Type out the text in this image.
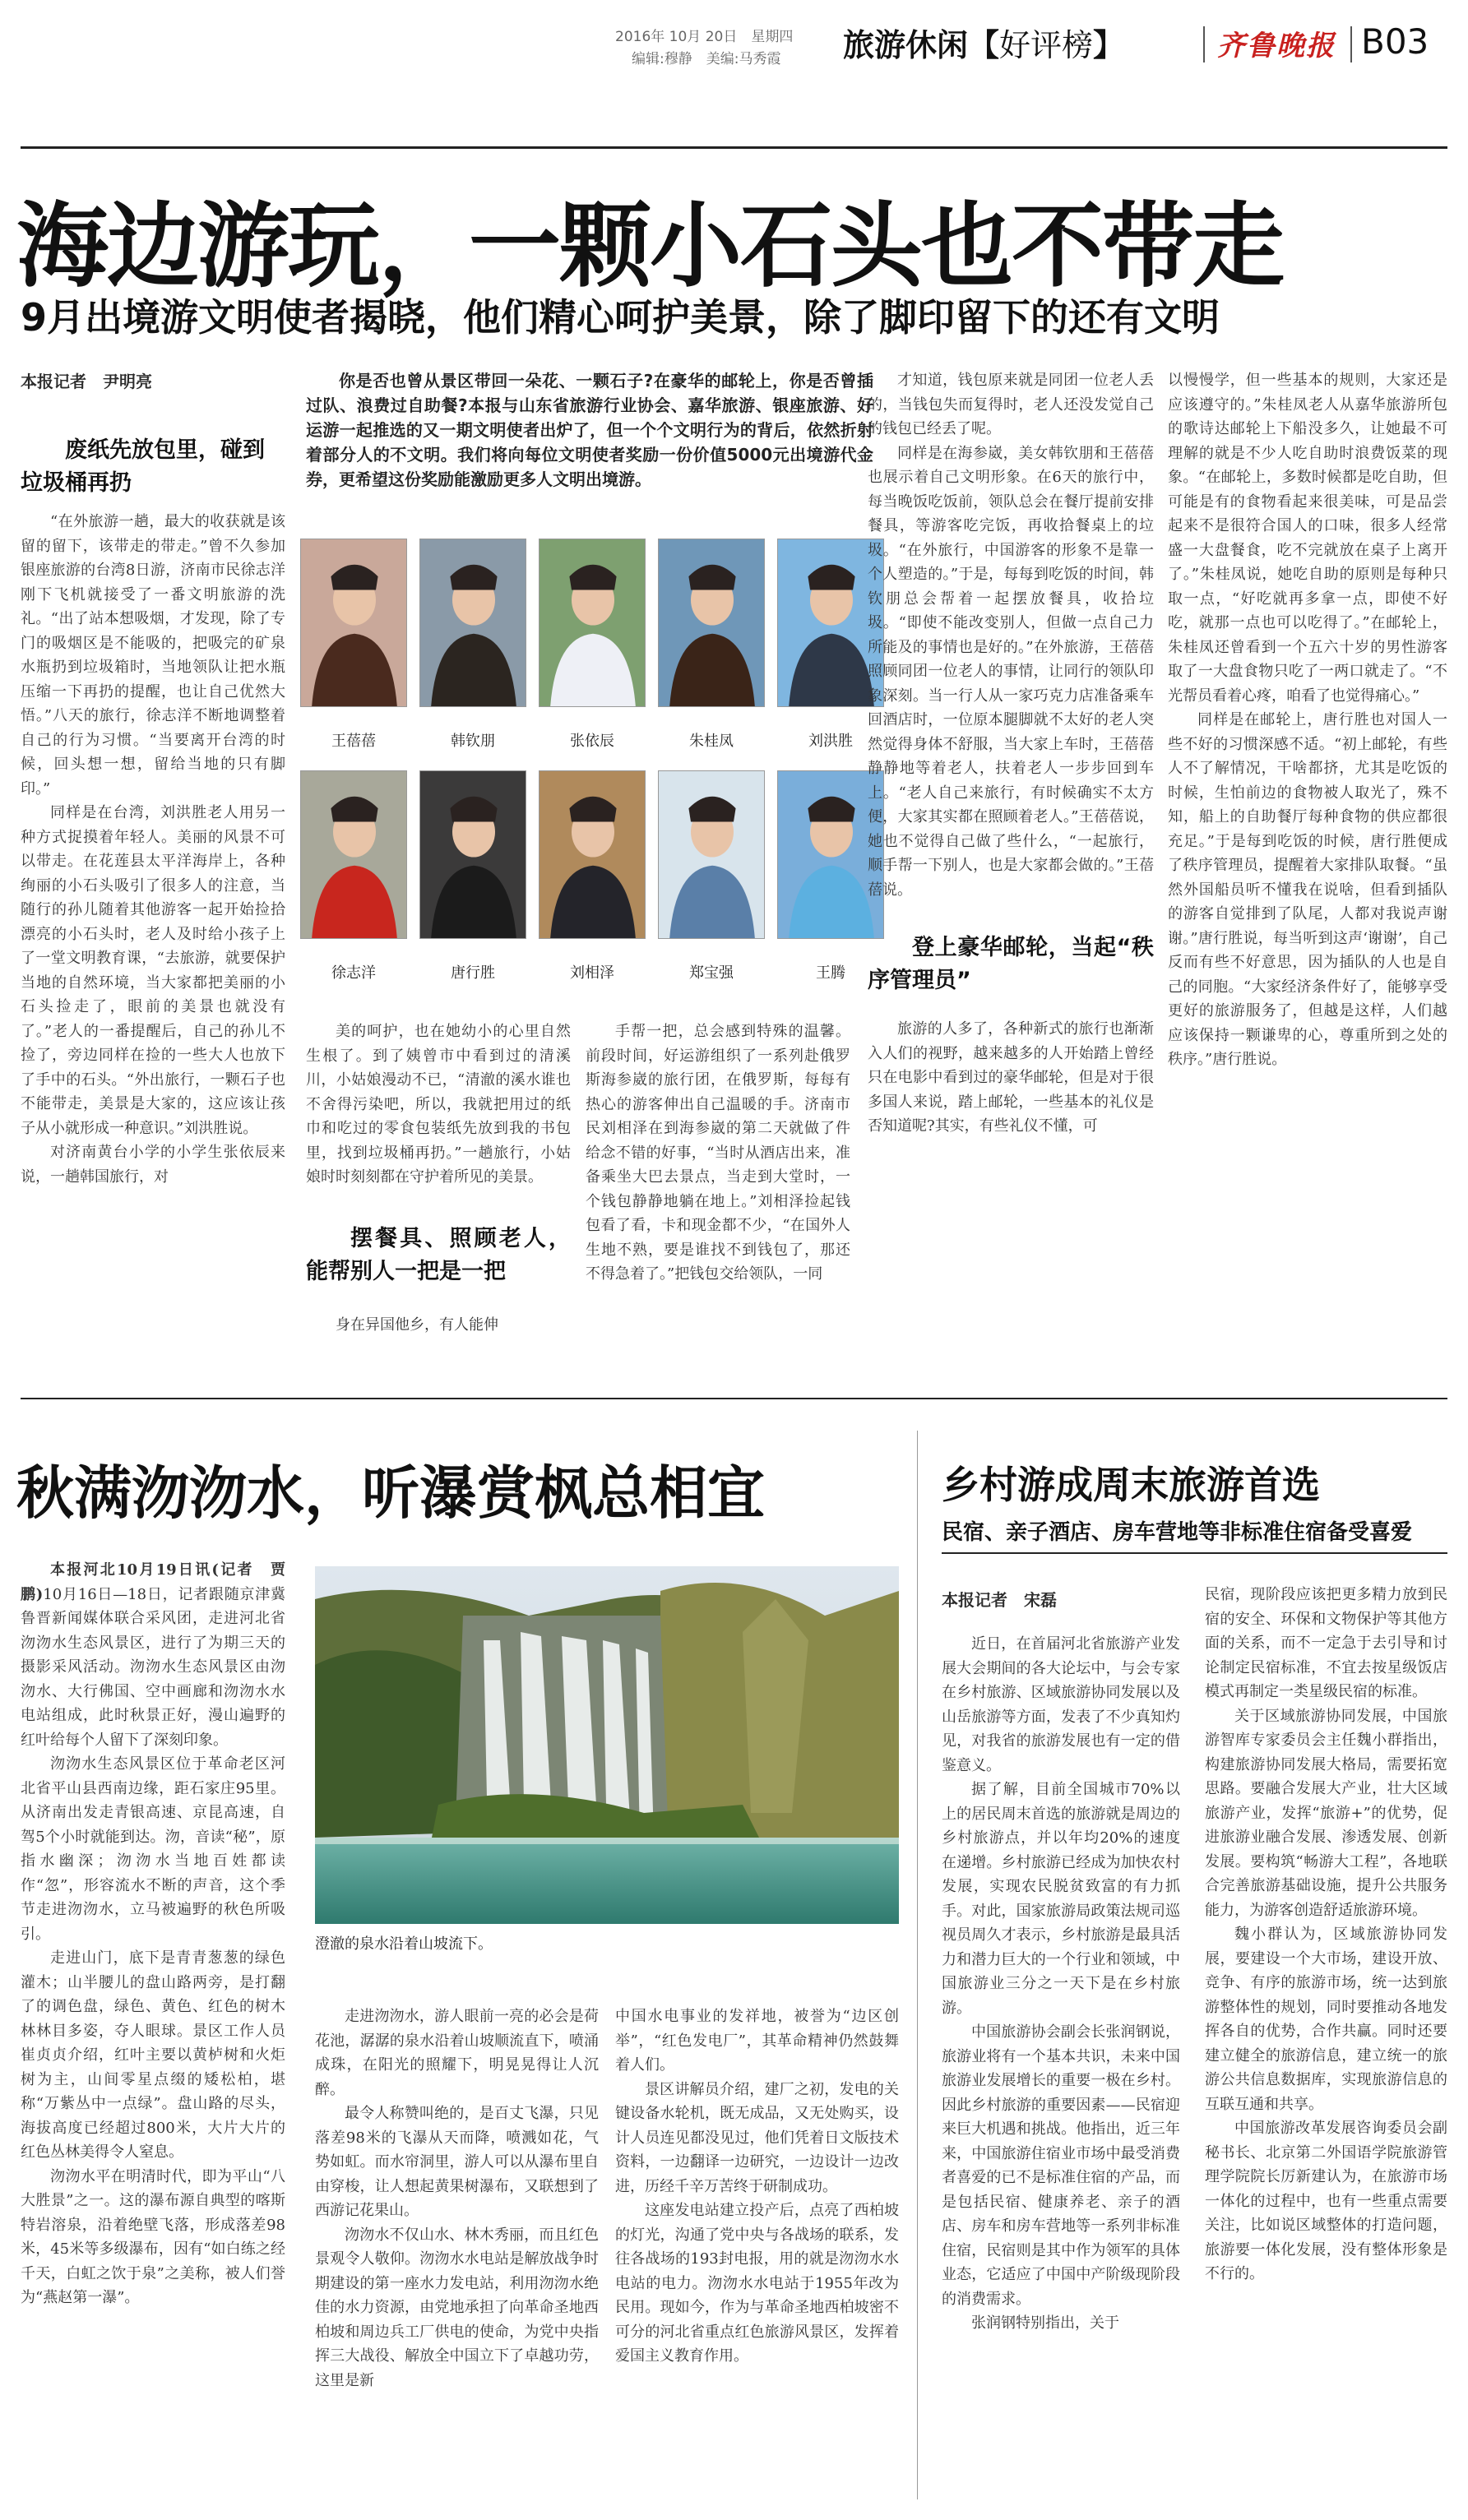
2016年 10月 20日　星期四
编辑:穆静　美编:马秀霞 旅游休闲【好评榜】	齐鲁晚报 B03
海边游玩，一颗小石头也不带走
9月出境游文明使者揭晓，他们精心呵护美景，除了脚印留下的还有文明
本报记者　尹明亮
废纸先放包里，碰到垃圾桶再扔

“在外旅游一趟，最大的收获就是该留的留下，该带走的带走。”曾不久参加银座旅游的台湾8日游，济南市民徐志洋刚下飞机就接受了一番文明旅游的洗礼。“出了站本想吸烟，才发现，除了专门的吸烟区是不能吸的，把吸完的矿泉水瓶扔到垃圾箱时，当地领队让把水瓶压缩一下再扔的提醒，也让自己优然大悟。”八天的旅行，徐志洋不断地调整着自己的行为习惯。“当要离开台湾的时候，回头想一想，留给当地的只有脚印。”

同样是在台湾，刘洪胜老人用另一种方式捉摸着年轻人。美丽的风景不可以带走。在花莲县太平洋海岸上，各种绚丽的小石头吸引了很多人的注意，当随行的孙儿随着其他游客一起开始捡拾漂亮的小石头时，老人及时给小孩子上了一堂文明教育课，“去旅游，就要保护当地的自然环境，当大家都把美丽的小石头捡走了，眼前的美景也就没有了。”老人的一番提醒后，自己的孙儿不捡了，旁边同样在捡的一些大人也放下了手中的石头。“外出旅行，一颗石子也不能带走，美景是大家的，这应该让孩子从小就形成一种意识。”刘洪胜说。

对济南黄台小学的小学生张依辰来说，一趟韩国旅行，对

你是否也曾从景区带回一朵花、一颗石子?在豪华的邮轮上，你是否曾插过队、浪费过自助餐?本报与山东省旅游行业协会、嘉华旅游、银座旅游、好运游一起推选的又一期文明使者出炉了，但一个个文明行为的背后，依然折射着部分人的不文明。我们将向每位文明使者奖励一份价值5000元出境游代金券，更希望这份奖励能激励更多人文明出境游。
王蓓蓓	韩钦朋	张依辰	朱桂凤	刘洪胜
徐志洋	唐行胜	刘相泽	郑宝强	王腾

美的呵护，也在她幼小的心里自然生根了。到了姨曾市中看到过的清溪川，小姑娘漫动不已，“清澈的溪水谁也不舍得污染吧，所以，我就把用过的纸巾和吃过的零食包装纸先放到我的书包里，找到垃圾桶再扔。”一趟旅行，小姑娘时时刻刻都在守护着所见的美景。

摆餐具、照顾老人，能帮别人一把是一把

身在异国他乡，有人能伸

手帮一把，总会感到特殊的温馨。前段时间，好运游组织了一系列赴俄罗斯海参崴的旅行团，在俄罗斯，每每有热心的游客伸出自己温暖的手。济南市民刘相泽在到海参崴的第二天就做了件给念不错的好事，“当时从酒店出来，准备乘坐大巴去景点，当走到大堂时，一个钱包静静地躺在地上。”刘相泽捡起钱包看了看，卡和现金都不少，“在国外人生地不熟，要是谁找不到钱包了，那还不得急着了。”把钱包交给领队，一同

才知道，钱包原来就是同团一位老人丢的，当钱包失而复得时，老人还没发觉自己的钱包已经丢了呢。

同样是在海参崴，美女韩钦朋和王蓓蓓也展示着自己文明形象。在6天的旅行中，每当晚饭吃饭前，领队总会在餐厅提前安排餐具，等游客吃完饭，再收拾餐桌上的垃圾。“在外旅行，中国游客的形象不是靠一个人塑造的。”于是，每每到吃饭的时间，韩钦朋总会帮着一起摆放餐具，收拾垃圾。“即使不能改变别人，但做一点自己力所能及的事情也是好的。”在外旅游，王蓓蓓照顾同团一位老人的事情，让同行的领队印象深刻。当一行人从一家巧克力店准备乘车回酒店时，一位原本腿脚就不太好的老人突然觉得身体不舒服，当大家上车时，王蓓蓓静静地等着老人，扶着老人一步步回到车上。“老人自己来旅行，有时候确实不太方便，大家其实都在照顾着老人。”王蓓蓓说，她也不觉得自己做了些什么，“一起旅行，顺手帮一下别人，也是大家都会做的。”王蓓蓓说。

登上豪华邮轮，当起“秩序管理员”

旅游的人多了，各种新式的旅行也渐渐入人们的视野，越来越多的人开始踏上曾经只在电影中看到过的豪华邮轮，但是对于很多国人来说，踏上邮轮，一些基本的礼仪是否知道呢?其实，有些礼仪不懂，可

以慢慢学，但一些基本的规则，大家还是应该遵守的。”朱桂凤老人从嘉华旅游所包的歌诗达邮轮上下船没多久，让她最不可理解的就是不少人吃自助时浪费饭菜的现象。“在邮轮上，多数时候都是吃自助，但可能是有的食物看起来很美味，可是品尝起来不是很符合国人的口味，很多人经常盛一大盘餐食，吃不完就放在桌子上离开了。”朱桂凤说，她吃自助的原则是每种只取一点，“好吃就再多拿一点，即使不好吃，就那一点也可以吃得了。”在邮轮上，朱桂凤还曾看到一个五六十岁的男性游客取了一大盘食物只吃了一两口就走了。“不光帮员看着心疼，咱看了也觉得痛心。”

同样是在邮轮上，唐行胜也对国人一些不好的习惯深感不适。“初上邮轮，有些人不了解情况，干啥都挤，尤其是吃饭的时候，生怕前边的食物被人取光了，殊不知，船上的自助餐厅每种食物的供应都很充足。”于是每到吃饭的时候，唐行胜便成了秩序管理员，提醒着大家排队取餐。“虽然外国船员听不懂我在说啥，但看到插队的游客自觉排到了队尾，人都对我说声谢谢。”唐行胜说，每当听到这声‘谢谢’，自己反而有些不好意思，因为插队的人也是自己的同胞。“大家经济条件好了，能够享受更好的旅游服务了，但越是这样，人们越应该保持一颗谦卑的心，尊重所到之处的秩序。”唐行胜说。

秋满沕沕水，听瀑赏枫总相宜

本报河北10月19日讯(记者　贾鹏)10月16日—18日，记者跟随京津冀鲁晋新闻媒体联合采风团，走进河北省沕沕水生态风景区，进行了为期三天的摄影采风活动。沕沕水生态风景区由沕沕水、大行佛国、空中画廊和沕沕水水电站组成，此时秋景正好，漫山遍野的红叶给每个人留下了深刻印象。

沕沕水生态风景区位于革命老区河北省平山县西南边缘，距石家庄95里。从济南出发走青银高速、京昆高速，自驾5个小时就能到达。沕，音读“秘”，原指水幽深；沕沕水当地百姓都读作“忽”，形容流水不断的声音，这个季节走进沕沕水，立马被遍野的秋色所吸引。

走进山门，底下是青青葱葱的绿色灌木；山半腰儿的盘山路两旁，是打翻了的调色盘，绿色、黄色、红色的树木林林目多姿，夺人眼球。景区工作人员崔贞贞介绍，红叶主要以黄栌树和火炬树为主，山间零星点缀的矮松柏，堪称“万紫丛中一点绿”。盘山路的尽头，海拔高度已经超过800米，大片大片的红色丛林美得令人窒息。

沕沕水平在明清时代，即为平山“八大胜景”之一。这的瀑布源自典型的喀斯特岩溶泉，沿着绝壁飞落，形成落差98米，45米等多级瀑布，因有“如白练之经千天，白虹之饮于泉”之美称，被人们誉为“燕赵第一瀑”。

澄澈的泉水沿着山坡流下。

走进沕沕水，游人眼前一亮的必会是荷花池，潺潺的泉水沿着山坡顺流直下，喷涌成珠，在阳光的照耀下，明晃晃得让人沉醉。

最令人称赞叫绝的，是百丈飞瀑，只见落差98米的飞瀑从天而降，喷溅如花，气势如虹。而水帘洞里，游人可以从瀑布里自由穿梭，让人想起黄果树瀑布，又联想到了西游记花果山。

沕沕水不仅山水、林木秀丽，而且红色景观令人敬仰。沕沕水水电站是解放战争时期建设的第一座水力发电站，利用沕沕水绝佳的水力资源，由党地承担了向革命圣地西柏坡和周边兵工厂供电的使命，为党中央指挥三大战役、解放全中国立下了卓越功劳，这里是新

中国水电事业的发祥地，被誉为“边区创举”，“红色发电厂”，其革命精神仍然鼓舞着人们。

景区讲解员介绍，建厂之初，发电的关键设备水轮机，既无成品，又无处购买，设计人员连见都没见过，他们凭着日文版技术资料，一边翻译一边研究，一边设计一边改进，历经千辛万苦终于研制成功。

这座发电站建立投产后，点亮了西柏坡的灯光，沟通了党中央与各战场的联系，发往各战场的193封电报，用的就是沕沕水水电站的电力。沕沕水水电站于1955年改为民用。现如今，作为与革命圣地西柏坡密不可分的河北省重点红色旅游风景区，发挥着爱国主义教育作用。

乡村游成周末旅游首选
民宿、亲子酒店、房车营地等非标准住宿备受喜爱
本报记者　宋磊

近日，在首届河北省旅游产业发展大会期间的各大论坛中，与会专家在乡村旅游、区域旅游协同发展以及山岳旅游等方面，发表了不少真知灼见，对我省的旅游发展也有一定的借鉴意义。

据了解，目前全国城市70%以上的居民周末首选的旅游就是周边的乡村旅游点，并以年均20%的速度在递增。乡村旅游已经成为加快农村发展，实现农民脱贫致富的有力抓手。对此，国家旅游局政策法规司巡视员周久才表示，乡村旅游是最具活力和潜力巨大的一个行业和领域，中国旅游业三分之一天下是在乡村旅游。

中国旅游协会副会长张润钢说，旅游业将有一个基本共识，未来中国旅游业发展增长的重要一极在乡村。因此乡村旅游的重要因素——民宿迎来巨大机遇和挑战。他指出，近三年来，中国旅游住宿业市场中最受消费者喜爱的已不是标准住宿的产品，而是包括民宿、健康养老、亲子的酒店、房车和房车营地等一系列非标准住宿，民宿则是其中作为领军的具体业态，它适应了中国中产阶级现阶段的消费需求。

张润钢特别指出，关于

民宿，现阶段应该把更多精力放到民宿的安全、环保和文物保护等其他方面的关系，而不一定急于去引导和讨论制定民宿标准，不宜去按星级饭店模式再制定一类星级民宿的标准。

关于区域旅游协同发展，中国旅游智库专家委员会主任魏小群指出，构建旅游协同发展大格局，需要拓宽思路。要融合发展大产业，壮大区域旅游产业，发挥“旅游+”的优势，促进旅游业融合发展、渗透发展、创新发展。要构筑“畅游大工程”，各地联合完善旅游基础设施，提升公共服务能力，为游客创造舒适旅游环境。

魏小群认为，区域旅游协同发展，要建设一个大市场，建设开放、竞争、有序的旅游市场，统一达到旅游整体性的规划，同时要推动各地发挥各自的优势，合作共赢。同时还要建立健全的旅游信息，建立统一的旅游公共信息数据库，实现旅游信息的互联互通和共享。

中国旅游改革发展咨询委员会副秘书长、北京第二外国语学院旅游管理学院院长厉新建认为，在旅游市场一体化的过程中，也有一些重点需要关注，比如说区域整体的打造问题，旅游要一体化发展，没有整体形象是不行的。
